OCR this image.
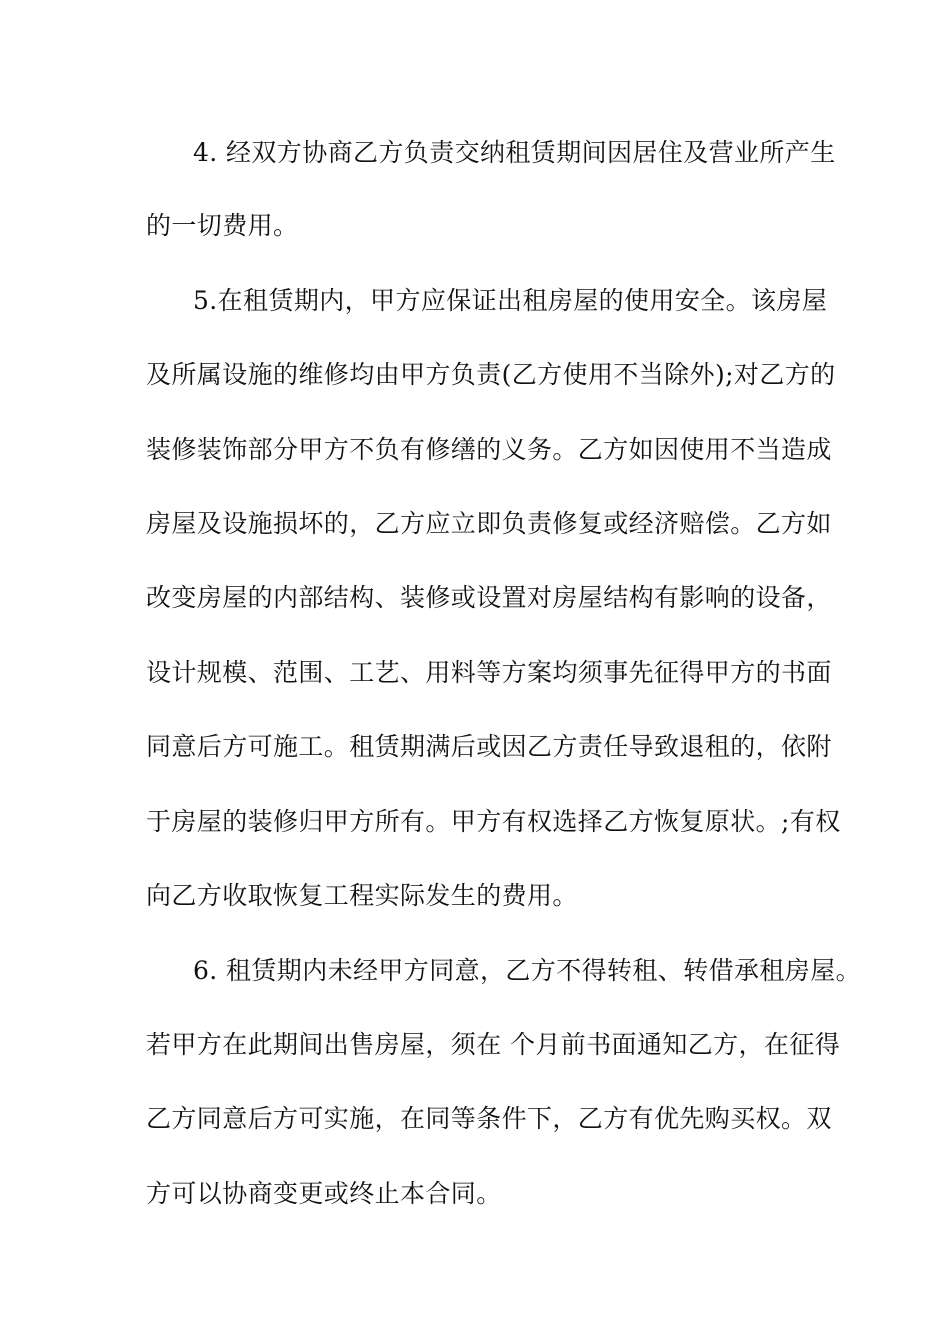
4. 经双方协商乙方负责交纳租赁期间因居住及营业所产生
的一切费用。
5.在租赁期内，甲方应保证出租房屋的使用安全。该房屋
及所属设施的维修均由甲方负责(乙方使用不当除外);对乙方的
装修装饰部分甲方不负有修缮的义务。乙方如因使用不当造成
房屋及设施损坏的，乙方应立即负责修复或经济赔偿。乙方如
改变房屋的内部结构、装修或设置对房屋结构有影响的设备，
设计规模、范围、工艺、用料等方案均须事先征得甲方的书面
同意后方可施工。租赁期满后或因乙方责任导致退租的，依附
于房屋的装修归甲方所有。甲方有权选择乙方恢复原状。;有权
向乙方收取恢复工程实际发生的费用。
6. 租赁期内未经甲方同意，乙方不得转租、转借承租房屋。
若甲方在此期间出售房屋，须在 个月前书面通知乙方，在征得
乙方同意后方可实施，在同等条件下，乙方有优先购买权。双
方可以协商变更或终止本合同。
